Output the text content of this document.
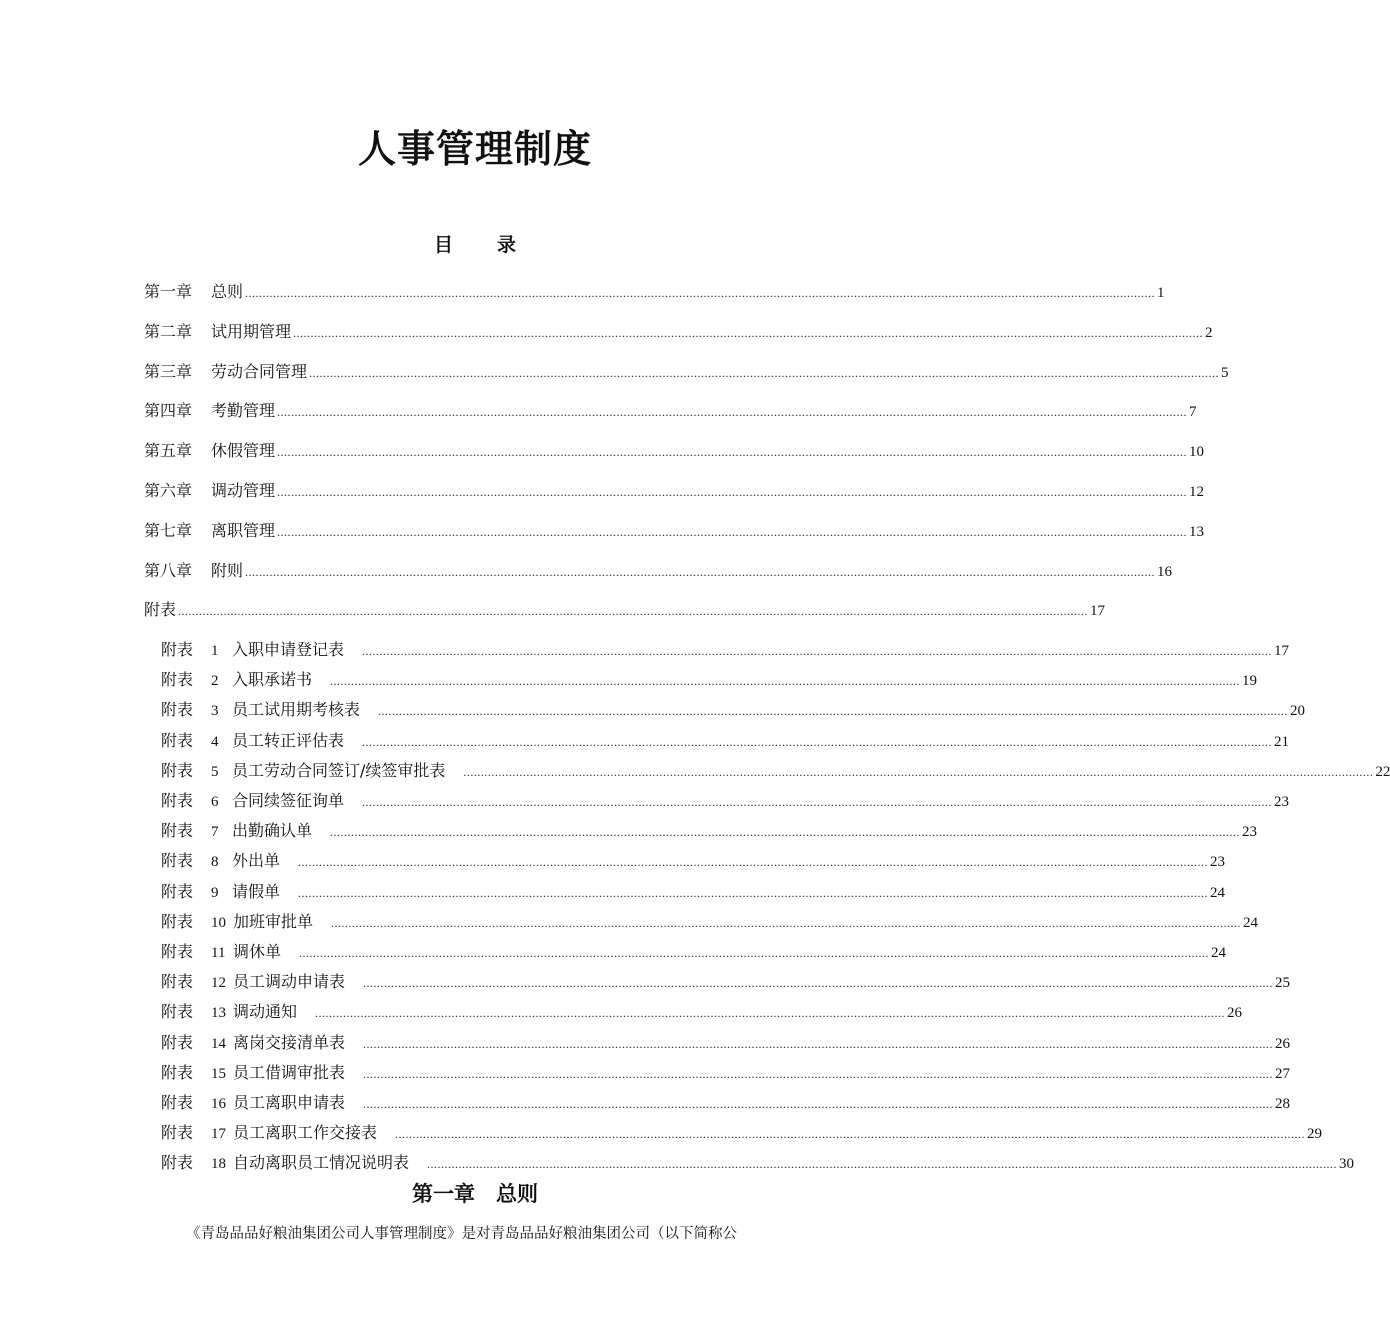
人事管理制度
目 录
第一章 总则 .................................................................................................................................................................................................................................................................... 1
第二章 试用期管理 .................................................................................................................................................................................................................................................................... 2
第三章 劳动合同管理 .................................................................................................................................................................................................................................................................... 5
第四章 考勤管理 .................................................................................................................................................................................................................................................................... 7
第五章 休假管理 .................................................................................................................................................................................................................................................................... 10
第六章 调动管理 .................................................................................................................................................................................................................................................................... 12
第七章 离职管理 .................................................................................................................................................................................................................................................................... 13
第八章 附则 .................................................................................................................................................................................................................................................................... 16
附表 .................................................................................................................................................................................................................................................................... 17
附表 1 入职申请登记表	.................................................................................................................................................................................................................................................................... 17
附表 2 入职承诺书	.................................................................................................................................................................................................................................................................... 19
附表 3 员工试用期考核表	.................................................................................................................................................................................................................................................................... 20
附表 4 员工转正评估表	.................................................................................................................................................................................................................................................................... 21
附表 5 员工劳动合同签订/续签审批表	.................................................................................................................................................................................................................................................................... 22
附表 6 合同续签征询单	.................................................................................................................................................................................................................................................................... 23
附表 7 出勤确认单	.................................................................................................................................................................................................................................................................... 23
附表 8 外出单	.................................................................................................................................................................................................................................................................... 23
附表 9 请假单	.................................................................................................................................................................................................................................................................... 24
附表 10 加班审批单	.................................................................................................................................................................................................................................................................... 24
附表 11 调休单	.................................................................................................................................................................................................................................................................... 24
附表 12 员工调动申请表	.................................................................................................................................................................................................................................................................... 25
附表 13 调动通知	.................................................................................................................................................................................................................................................................... 26
附表 14 离岗交接清单表	.................................................................................................................................................................................................................................................................... 26
附表 15 员工借调审批表	.................................................................................................................................................................................................................................................................... 27
附表 16 员工离职申请表	.................................................................................................................................................................................................................................................................... 28
附表 17 员工离职工作交接表	.................................................................................................................................................................................................................................................................... 29
附表 18 自动离职员工情况说明表	.................................................................................................................................................................................................................................................................... 30
第一章　总则

《青岛品品好粮油集团公司人事管理制度》是对青岛品品好粮油集团公司（以下简称公
